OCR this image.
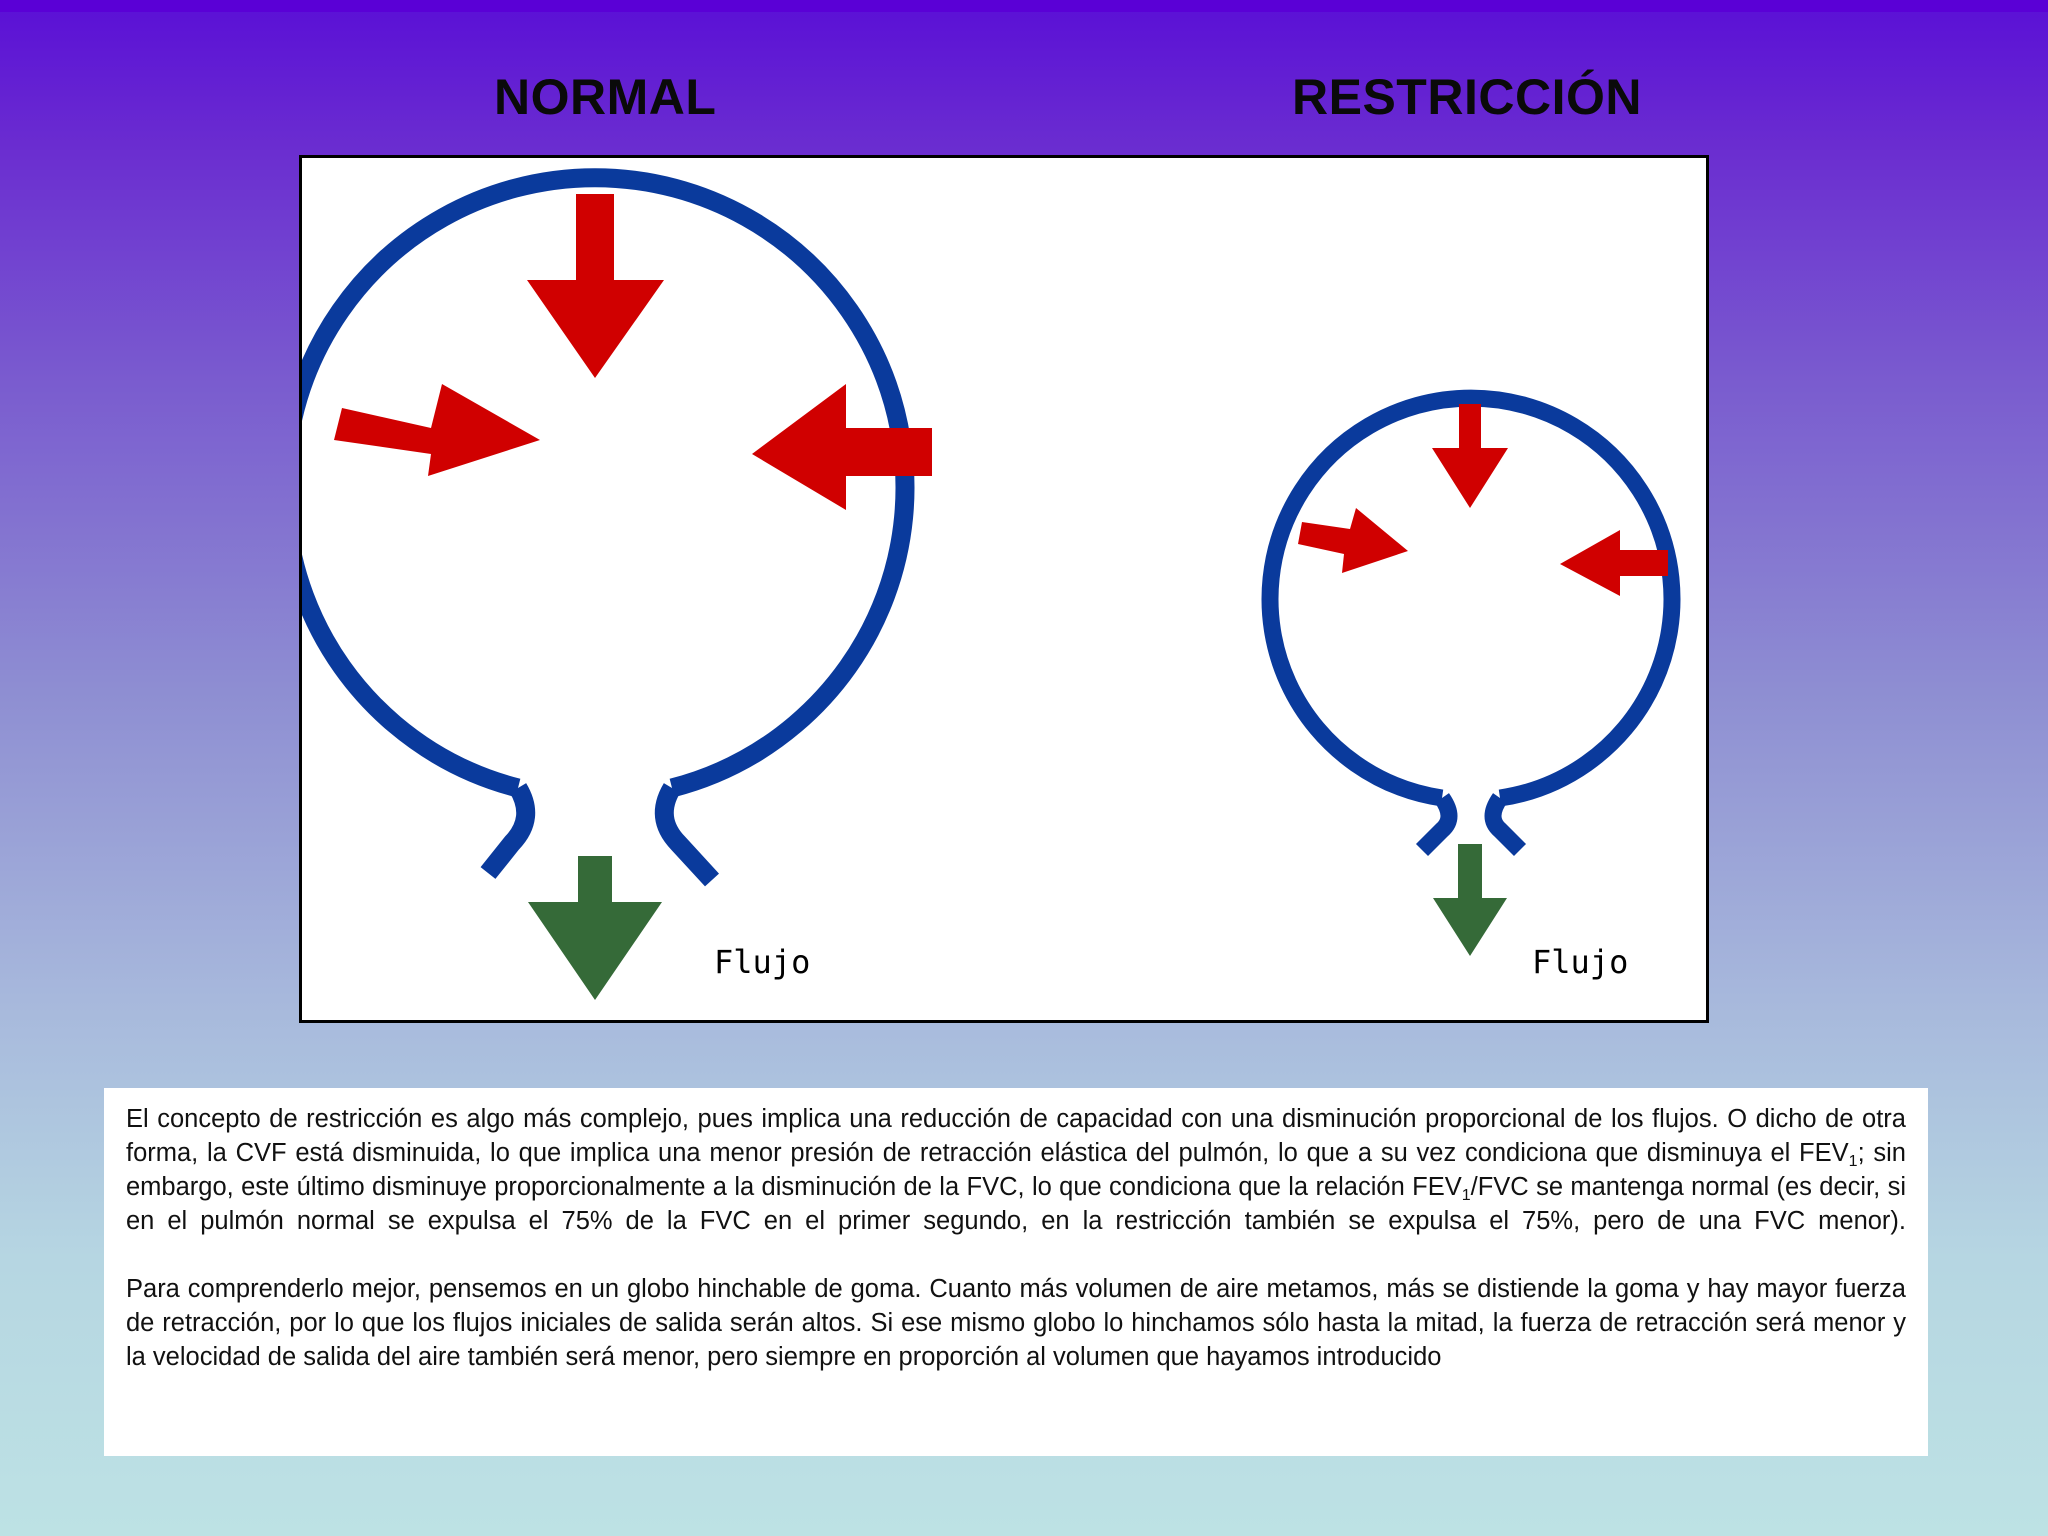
NORMAL	RESTRICCIÓN
Flujo	Flujo

El concepto de restricción es algo más complejo, pues implica una reducción de capacidad con una disminución proporcional de los flujos. O dicho de otra forma, la CVF está disminuida, lo que implica una menor presión de retracción elástica del pulmón, lo que a su vez condiciona que disminuya el $FEV_1$; sin embargo, este último disminuye proporcionalmente a la disminución de la FVC, lo que condiciona que la relación $FEV_1$/FVC se mantenga normal (es decir, si en el pulmón normal se expulsa el 75% de la FVC en el primer segundo, en la restricción también se expulsa el 75%, pero de una FVC menor).

Para comprenderlo mejor, pensemos en un globo hinchable de goma. Cuanto más volumen de aire metamos, más se distiende la goma y hay mayor fuerza de retracción, por lo que los flujos iniciales de salida serán altos. Si ese mismo globo lo hinchamos sólo hasta la mitad, la fuerza de retracción será menor y la velocidad de salida del aire también será menor, pero siempre en proporción al volumen que hayamos introducido
